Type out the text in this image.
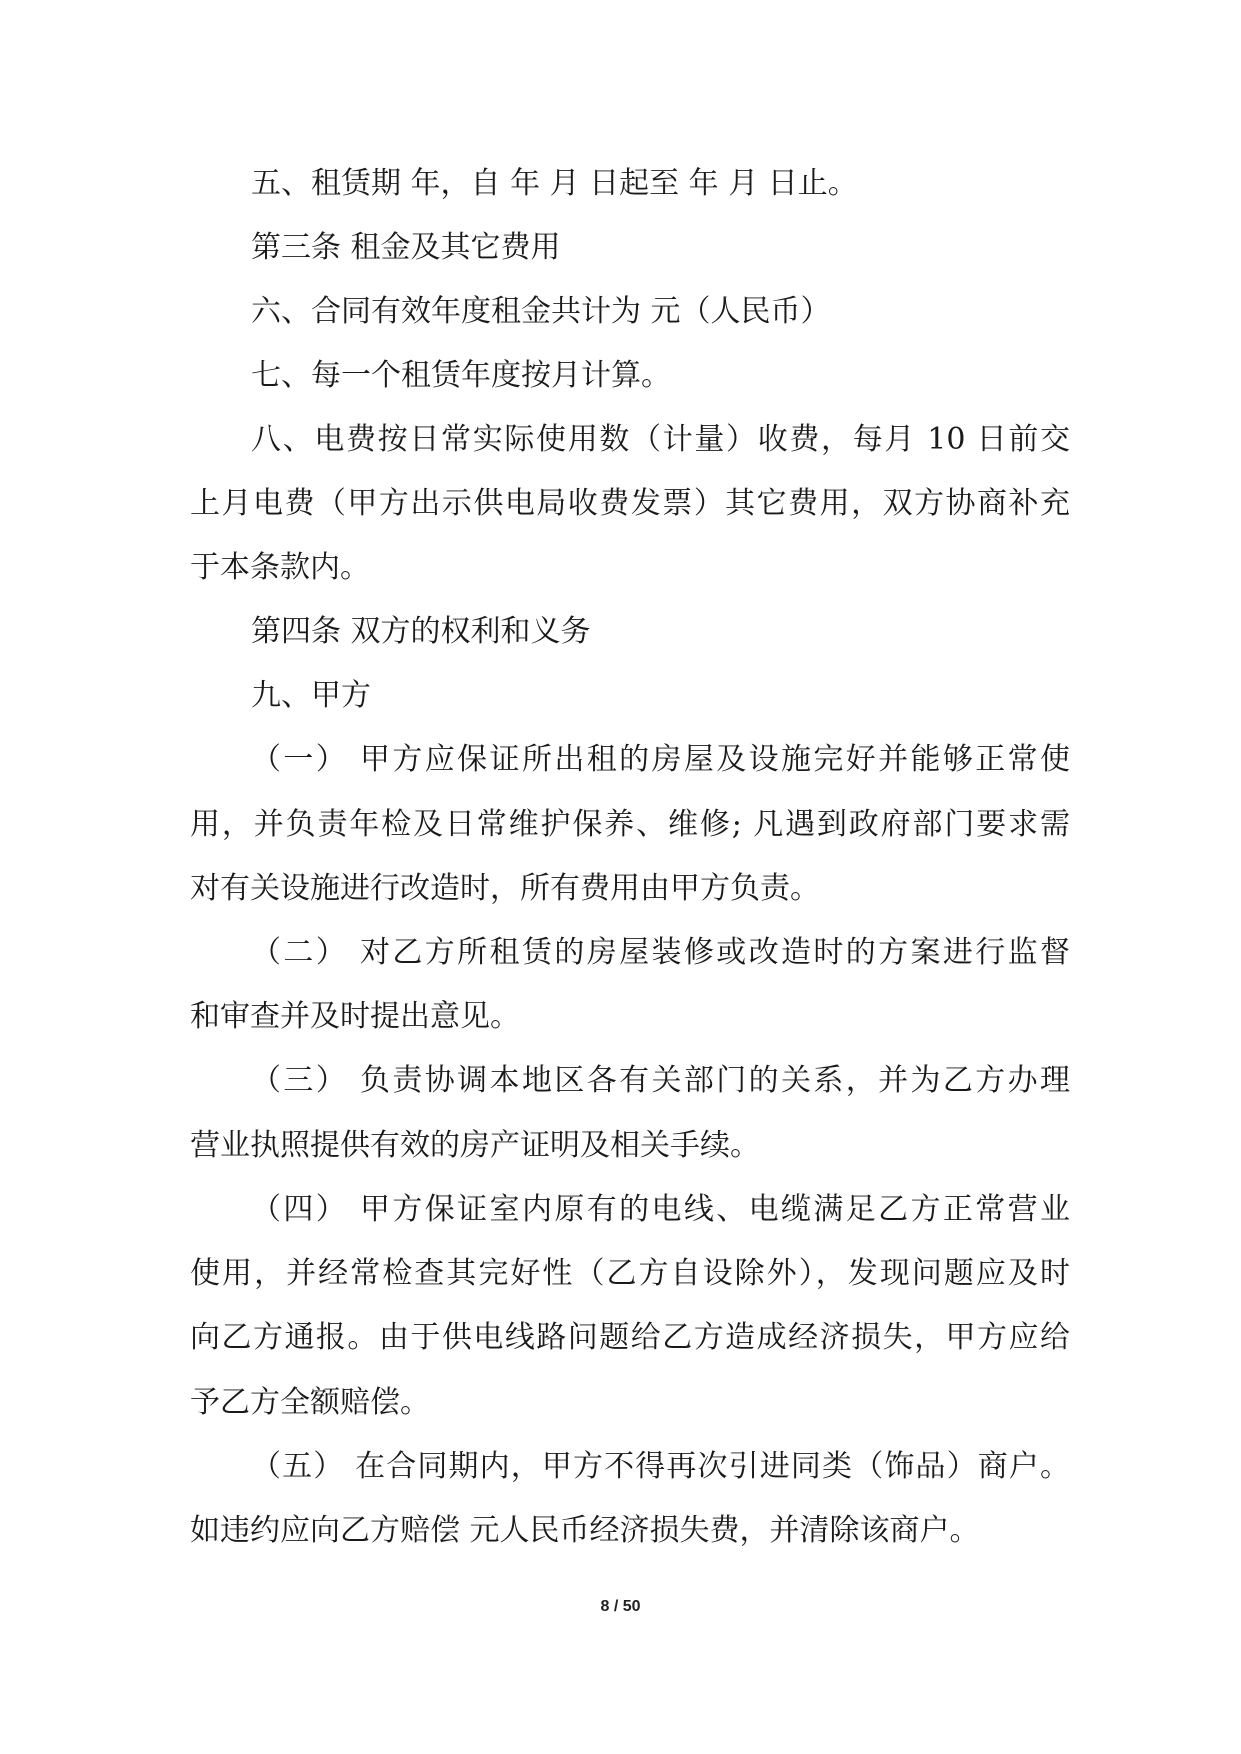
五、租赁期 年，自 年 月 日起至 年 月 日止。
第三条 租金及其它费用
六、合同有效年度租金共计为 元（人民币）
七、每一个租赁年度按月计算。
八、电费按日常实际使用数（计量）收费，每月 10 日前交
上月电费（甲方出示供电局收费发票）其它费用，双方协商补充
于本条款内。
第四条 双方的权利和义务
九、甲方
（一） 甲方应保证所出租的房屋及设施完好并能够正常使
用，并负责年检及日常维护保养、维修; 凡遇到政府部门要求需
对有关设施进行改造时，所有费用由甲方负责。
（二） 对乙方所租赁的房屋装修或改造时的方案进行监督
和审查并及时提出意见。
（三） 负责协调本地区各有关部门的关系，并为乙方办理
营业执照提供有效的房产证明及相关手续。
（四） 甲方保证室内原有的电线、电缆满足乙方正常营业
使用，并经常检查其完好性（乙方自设除外），发现问题应及时
向乙方通报。由于供电线路问题给乙方造成经济损失，甲方应给
予乙方全额赔偿。
（五） 在合同期内，甲方不得再次引进同类（饰品）商户。
如违约应向乙方赔偿 元人民币经济损失费，并清除该商户。
8 / 50
